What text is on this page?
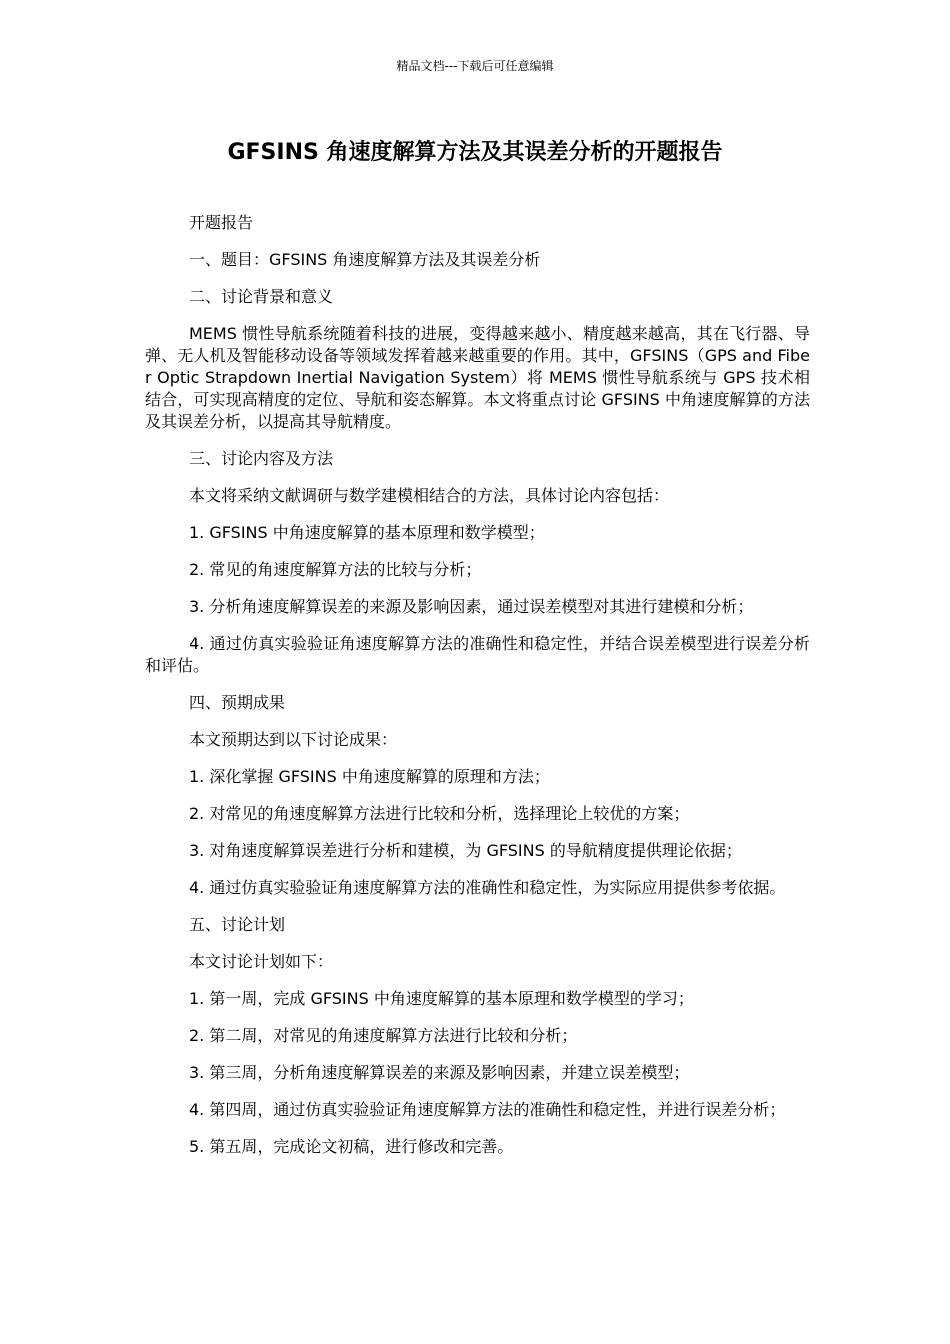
精品文档---下载后可任意编辑
GFSINS 角速度解算方法及其误差分析的开题报告

开题报告

一、题目：GFSINS 角速度解算方法及其误差分析

二、讨论背景和意义

MEMS 惯性导航系统随着科技的进展，变得越来越小、精度越来越高，其在飞行器、导弹、无人机及智能移动设备等领域发挥着越来越重要的作用。其中，GFSINS（GPS and Fiber Optic Strapdown Inertial Navigation System）将 MEMS 惯性导航系统与 GPS 技术相结合，可实现高精度的定位、导航和姿态解算。本文将重点讨论 GFSINS 中角速度解算的方法及其误差分析，以提高其导航精度。

三、讨论内容及方法

本文将采纳文献调研与数学建模相结合的方法，具体讨论内容包括：

1. GFSINS 中角速度解算的基本原理和数学模型；

2. 常见的角速度解算方法的比较与分析；

3. 分析角速度解算误差的来源及影响因素，通过误差模型对其进行建模和分析；

4. 通过仿真实验验证角速度解算方法的准确性和稳定性，并结合误差模型进行误差分析和评估。

四、预期成果

本文预期达到以下讨论成果：

1. 深化掌握 GFSINS 中角速度解算的原理和方法；

2. 对常见的角速度解算方法进行比较和分析，选择理论上较优的方案；

3. 对角速度解算误差进行分析和建模，为 GFSINS 的导航精度提供理论依据；

4. 通过仿真实验验证角速度解算方法的准确性和稳定性，为实际应用提供参考依据。

五、讨论计划

本文讨论计划如下：

1. 第一周，完成 GFSINS 中角速度解算的基本原理和数学模型的学习；

2. 第二周，对常见的角速度解算方法进行比较和分析；

3. 第三周，分析角速度解算误差的来源及影响因素，并建立误差模型；

4. 第四周，通过仿真实验验证角速度解算方法的准确性和稳定性，并进行误差分析；

5. 第五周，完成论文初稿，进行修改和完善。
